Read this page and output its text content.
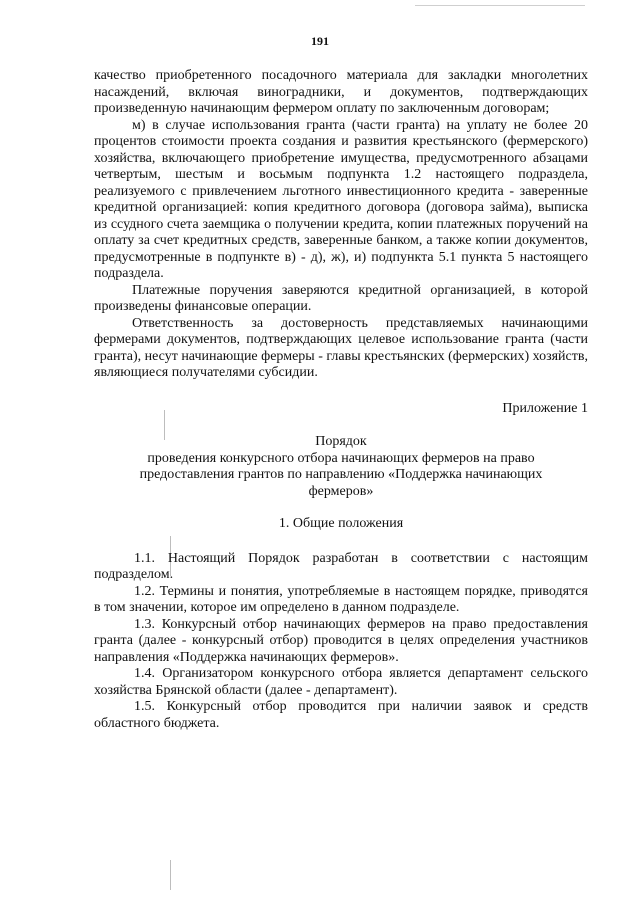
191

качество приобретенного посадочного материала для закладки многолетних насаждений, включая виноградники, и документов, подтверждающих произведенную начинающим фермером оплату по заключенным договорам;

м) в случае использования гранта (части гранта) на уплату не более 20 процентов стоимости проекта создания и развития крестьянского (фермерского) хозяйства, включающего приобретение имущества, предусмотренного абзацами четвертым, шестым и восьмым подпункта 1.2 настоящего подраздела, реализуемого с привлечением льготного инвестиционного кредита - заверенные кредитной организацией: копия кредитного договора (договора займа), выписка из ссудного счета заемщика о получении кредита, копии платежных поручений на оплату за счет кредитных средств, заверенные банком, а также копии документов, предусмотренные в подпункте в) - д), ж), и) подпункта 5.1 пункта 5 настоящего подраздела.

Платежные поручения заверяются кредитной организацией, в которой произведены финансовые операции.

Ответственность за достоверность представляемых начинающими фермерами документов, подтверждающих целевое использование гранта (части гранта), несут начинающие фермеры - главы крестьянских (фермерских) хозяйств, являющиеся получателями субсидии.

Приложение 1
Порядок
проведения конкурсного отбора начинающих фермеров на право
предоставления грантов по направлению «Поддержка начинающих
фермеров»
1. Общие положения

1.1. Настоящий Порядок разработан в соответствии с настоящим подразделом.

1.2. Термины и понятия, употребляемые в настоящем порядке, приводятся в том значении, которое им определено в данном подразделе.

1.3. Конкурсный отбор начинающих фермеров на право предоставления гранта (далее - конкурсный отбор) проводится в целях определения участников направления «Поддержка начинающих фермеров».

1.4. Организатором конкурсного отбора является департамент сельского хозяйства Брянской области (далее - департамент).

1.5. Конкурсный отбор проводится при наличии заявок и средств областного бюджета.
